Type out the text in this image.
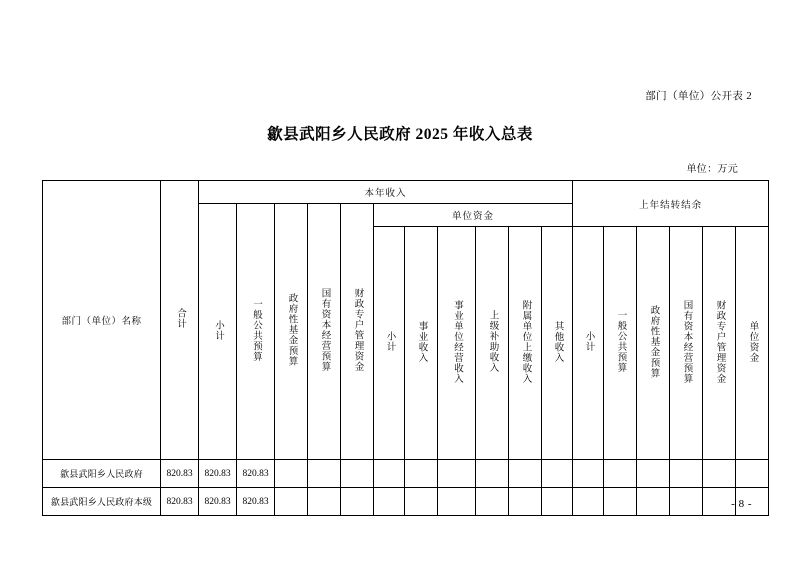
部门（单位）公开表 2
歙县武阳乡人民政府 2025 年收入总表
单位：万元
部门（单位）名称	合计	本年收入											上年结转结余					
		小计	一般公共预算	政府性基金预算	国有资本经营预算	财政专户管理资金	单位资金											
							小计	事业收入	事业单位经营收入	上级补助收入	附属单位上缴收入	其他收入	小计	一般公共预算	政府性基金预算	国有资本经营预算	财政专户管理资金	单位资金

歙县武阳乡人民政府	820.83	820.83	820.83															
歙县武阳乡人民政府本级	820.83	820.83	820.83																- 8 -
